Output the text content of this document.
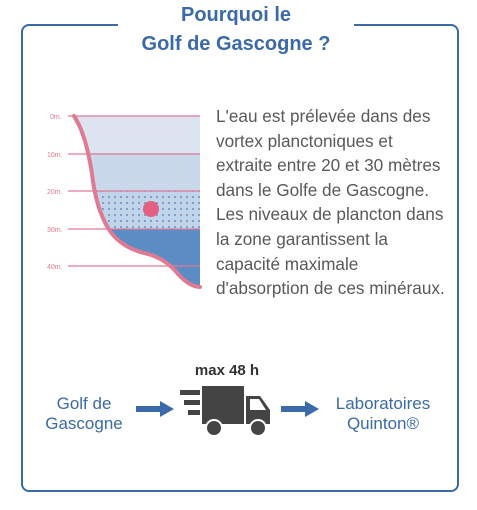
Pourquoi le
Golf de Gascogne ?
0m.
10m.
20m.
30m.
40m.

L'eau est prélevée dans des vortex planctoniques et extraite entre 20 et 30 mètres dans le Golfe de Gascogne. Les niveaux de plancton dans la zone garantissent la capacité maximale d'absorption de ces minéraux.

Golf de
Gascogne
max 48 h
Laboratoires
Quinton®
